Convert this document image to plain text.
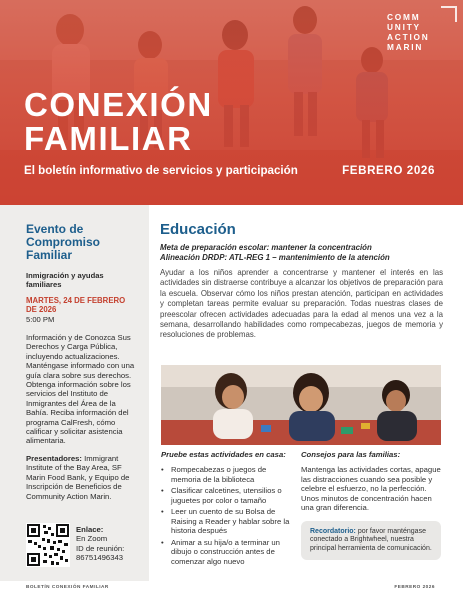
COMM
UNITY
ACTION
MARIN
CONEXIÓN
FAMILIAR
El boletín informativo de servicios y participación	FEBRERO 2026
Evento de Compromiso Familiar
Inmigración y ayudas familiares
MARTES, 24 DE FEBRERO DE 2026
5:00 PM
Información y de Conozca Sus Derechos y Carga Pública, incluyendo actualizaciones. Manténgase informado con una guía clara sobre sus derechos. Obtenga información sobre los servicios del Instituto de Inmigrantes del Área de la Bahía. Reciba información del programa CalFresh, cómo calificar y solicitar asistencia alimentaria.
Presentadores: Immigrant Institute of the Bay Area, SF Marin Food Bank, y Equipo de Inscripción de Beneficios de Community Action Marin.
Enlace:
En Zoom
ID de reunión:
86751496343
Educación
Meta de preparación escolar: mantener la concentración
Alineación DRDP: ATL-REG 1 – mantenimiento de la atención

Ayudar a los niños aprender a concentrarse y mantener el interés en las actividades sin distraerse contribuye a alcanzar los objetivos de preparación para la escuela. Observar cómo los niños prestan atención, participan en actividades y completan tareas permite evaluar su preparación. Todas nuestras clases de preescolar ofrecen actividades adecuadas para la edad al menos una vez a la semana, desarrollando habilidades como rompecabezas, juegos de memoria y resoluciones de problemas.

Pruebe estas actividades en casa:
• Rompecabezas o juegos de memoria de la biblioteca
• Clasificar calcetines, utensilios o juguetes por color o tamaño
• Leer un cuento de su Bolsa de Raising a Reader y hablar sobre la historia después
• Animar a su hija/o a terminar un dibujo o construcción antes de comenzar algo nuevo
Consejos para las familias:
Mantenga las actividades cortas, apague las distracciones cuando sea posible y celebre el esfuerzo, no la perfección. Unos minutos de concentración hacen una gran diferencia.
Recordatorio: por favor manténgase conectado a Brightwheel, nuestra principal herramienta de comunicación.
BOLETÍN CONEXIÓN FAMILIAR	FEBRERO 2026
